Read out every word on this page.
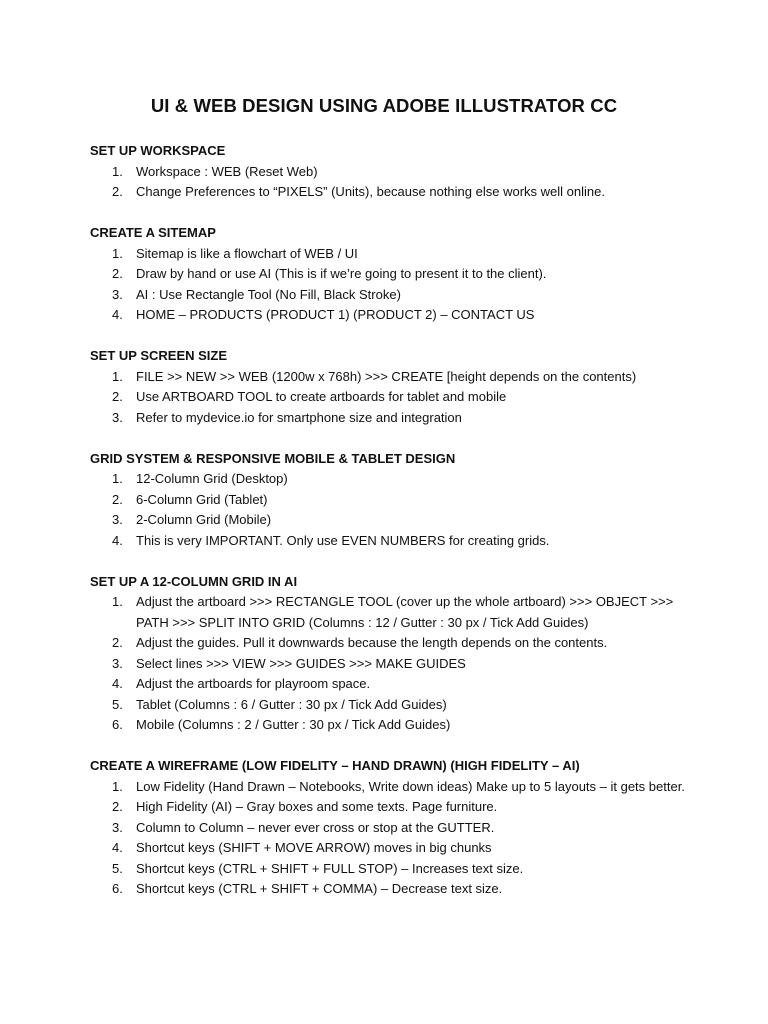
UI & WEB DESIGN USING ADOBE ILLUSTRATOR CC
SET UP WORKSPACE
1. Workspace : WEB (Reset Web)
2. Change Preferences to “PIXELS” (Units), because nothing else works well online.
CREATE A SITEMAP
1. Sitemap is like a flowchart of WEB / UI
2. Draw by hand or use AI (This is if we’re going to present it to the client).
3. AI : Use Rectangle Tool (No Fill, Black Stroke)
4. HOME – PRODUCTS (PRODUCT 1) (PRODUCT 2) – CONTACT US
SET UP SCREEN SIZE
1. FILE >> NEW >> WEB (1200w x 768h) >>> CREATE [height depends on the contents)
2. Use ARTBOARD TOOL to create artboards for tablet and mobile
3. Refer to mydevice.io for smartphone size and integration
GRID SYSTEM & RESPONSIVE MOBILE & TABLET DESIGN
1. 12-Column Grid (Desktop)
2. 6-Column Grid (Tablet)
3. 2-Column Grid (Mobile)
4. This is very IMPORTANT. Only use EVEN NUMBERS for creating grids.
SET UP A 12-COLUMN GRID IN AI
1. Adjust the artboard >>> RECTANGLE TOOL (cover up the whole artboard) >>> OBJECT >>> PATH >>> SPLIT INTO GRID (Columns : 12 / Gutter : 30 px / Tick Add Guides)
2. Adjust the guides. Pull it downwards because the length depends on the contents.
3. Select lines >>> VIEW >>> GUIDES >>> MAKE GUIDES
4. Adjust the artboards for playroom space.
5. Tablet (Columns : 6 / Gutter : 30 px / Tick Add Guides)
6. Mobile (Columns : 2 / Gutter : 30 px / Tick Add Guides)
CREATE A WIREFRAME (LOW FIDELITY – HAND DRAWN) (HIGH FIDELITY – AI)
1. Low Fidelity (Hand Drawn – Notebooks, Write down ideas) Make up to 5 layouts – it gets better.
2. High Fidelity (AI) – Gray boxes and some texts. Page furniture.
3. Column to Column – never ever cross or stop at the GUTTER.
4. Shortcut keys (SHIFT + MOVE ARROW) moves in big chunks
5. Shortcut keys (CTRL + SHIFT + FULL STOP) – Increases text size.
6. Shortcut keys (CTRL + SHIFT + COMMA) – Decrease text size.
